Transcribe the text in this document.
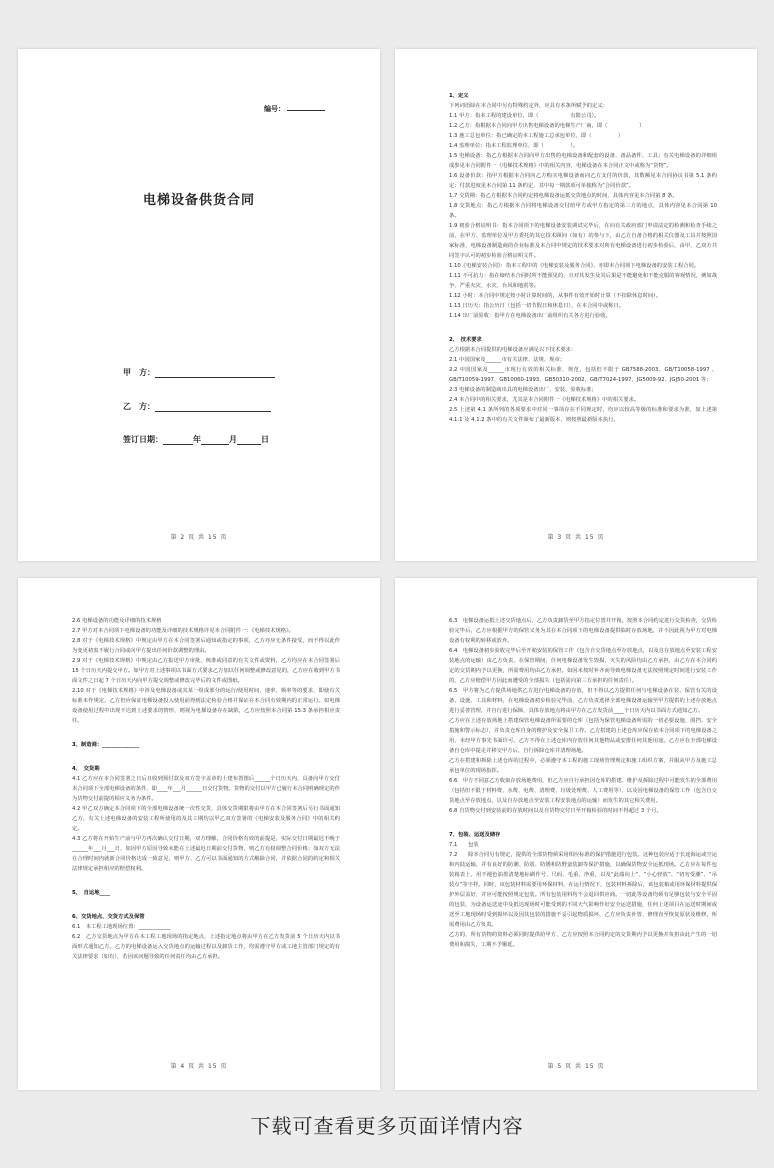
编号：
电梯设备供货合同
甲　方：
乙　方：
签订日期：	年	月	日
第 2 页 共 15 页

1、定义

下列词语除在本合同中另有特殊约定外，应具有本条所赋予的定义：

1.1 甲方：指本工程的建设单位，即（　　　　　　有限公司）。

1.2 乙方：指根据本合同向甲方出售电梯设备的电梯生产厂商，即（　　　　　　）

1.3 施工总包单位：指已确定的本工程施工总承包单位，即（　　　　　）

1.4 监理单位：指本工程监理单位，即（　　　　　）。

1.5 电梯设备：指乙方根据本合同向甲方出售的电梯设备和配套的设备、备品备件、工具；有关电梯设备的详细组成参见本合同附件一《电梯技术规格》中的相关内容，电梯设备在本合同正文中或称为“货物”。

1.6 设备价款：指甲方根据本合同向乙方购买电梯设备而向乙方支付的价款，其数额见本合同协议书第 5.1 条约定；付款进度见本合同第 11 条约定，其中每一期款项可单独称为“合同价款”。

1.7 交货期：指乙方根据本合同约定将电梯设备运抵交货地点的时间，具体内容见本合同第 8 条。

1.8 交货地点：指乙方根据本合同将电梯设备交付给甲方或甲方指定的第三方的地点，具体内容见本合同第 10 条。

1.9 初验合格证明书：指本合同项下的电梯设备安装调试完毕后，在向有关政府部门申请法定的检测和检查手续之前，在甲方、监理单位及甲方委托的其它技术顾问（如有）的参与下，由乙方自备合格的相关仪器及工具并按照国家标准、电梯设备制造商的企业标准及本合同中规定的技术要求对所有电梯设备进行初步检验后，由甲、乙双方共同签字认可的初步检验合格证明文件。

1.10《电梯安装合同》：指本工程中的《电梯安装及服务合同》，亦即本合同项下电梯设备的安装工程合同。

1.11 不可抗力：指在缔结本合同时所不能预见的，且对其发生及其后果是不能避免和不能克服的客观情况，例如战争、严重火灾、水灾、台风和地震等。

1.12 小时：本合同中规定按小时计算时间的，从事件有效开始时计算（不扣除休息时间）。

1.13 日历天：指公历日（包括一切节假日和休息日），在本合同中或称日。

1.14 出厂前验收：指甲方在电梯设备出厂前组织有关各方进行验收。

2、　技术要求

乙方根据本合同提供的电梯设备应满足以下技术要求：

2.1 中国国家及______市有关法律、法规、规章；

2.2 中国国家及______市现行有效的相关标准、规范，包括但不限于 GB7588-2003、GB/T10058-1997 、GB/T10059-1997、GB10060-1993、GB50310-2002、GB/T7024-1997、JG5009-92、JGJ50-2001 等；

2.3 电梯设备的制造商出具的电梯设备出厂、安装、验收标准；

2.4 本合同中的相关要求，尤其是本合同附件一《电梯技术规格》中的相关要求。

2.5 上述第 4.1 条所列的各项要求中对同一事项存在不同规定时，均应以较高等级的标准和要求为准，如上述第 4.1.1 及 4.1.2 条中的有关文件颁布了最新版本，则按照最新版本执行。

第 3 页 共 15 页

2.6 电梯设备的功能及详细的技术规格

2.7 甲方对本合同项下电梯设备的功能及详细的技术规格详见本合同附件一：《电梯技术规格》。

2.8 对于《电梯技术规格》中规定由甲方在本合同签署后通知或指定的事项，乙方亦应无条件接受，而不得以此作为变更初衷不履行合同或向甲方提出任何价款调整的理由。

2.9 对于《电梯技术规格》中规定由乙方报送甲方审批、核准或同意的有关文件或资料，乙方均应在本合同签署后 15 个日历天内提交甲方。如甲方对上述事项以书面方式要求乙方加以任何调整或修改意见的，乙方应在收到甲方书面文件之日起 7 个日历天内向甲方提交调整或修改完毕后的文件或图纸。

2.10 对于《电梯技术规格》中涉及电梯设备或其某一组成部分的运行/使用时间、速率、频率等的要求，即使有关标准未作规定，乙方仍应保证电梯设备投入使用前得到法定检验合格并保证在本合同有效期内的正常运行。如电梯设备使用过程中出现不达到上述要求的情形，则视为电梯设备存在缺陷，乙方应按照本合同第 15.3 条承担相应责任。

3、制造商：______________

4、　交货期

4.1 乙方应在本合同签署之日后且收到预付款及双方签字盖章的土建布置图后______个日历天内，具备向甲方交付本合同项下全部电梯设备的条件，即____年___月______日交付货物。货物的交付以甲方已履行本合同明确规定的作为货物交付前提的相应义务为条件。

4.2 甲乙双方确定本合同项下的全部电梯设备统一次性交货，具体交货期限将由甲方在本合同签署后另行书面通知乙方，有关上述电梯设备的安装工程所使用的及其工期均以甲乙双方签署的《电梯安装及服务合同》中的相关约定。

4.3 乙方将在开始生产前与甲方再次确认交付日期，双方理解，合同价格有效的前提是，实际交付日期最迟不晚于______年___月___日，如因甲方原因导致未能在上述最迟日期前交付货物，则乙方有权调整合同价格；如双方无法在合理时间内就新合同价格达成一致意见，则甲方、乙方可以书面通知的方式解除合同，并依据合同的约定和相关法律规定承担相应的赔偿权利。

5、　自运地____

6、交货地点、交货方式及保管

6.1　本工程工地现场位置：____________

6.2　乙方交货地点为甲方在本工程工地现场的指定地点，上述指定地点将由甲方在乙方发货前 5 个日历天内以书面形式通知乙方。乙方的电梯设备运入交货地点的运输过程以及卸货工作，均需遵守甲方或工地主管部门规定的有关法律要求（如有），若因该问题导致的任何责任均由乙方承担。

第 4 页 共 15 页

6.3　电梯设备运抵上述交货地点后，乙方负责卸货至甲方指定位置并开箱，按照本合同约定进行交货检查，交货检验完毕后，乙方应根据甲方的保管义务为其在本合同项下的电梯设备提供临时存放场地，并不因此视为甲方对电梯设备有权利的转移或放弃。

6.4　电梯设备初步验收完毕后至开箱安装的保管工作（包含自交货地点至存放地点，以及自存放地点至安装工程安装地点的运输）由乙方负责，在保管期间，任何电梯设备发生毁损，灭失的风险均由乙方承担，由乙方在本合同约定的交货期内予以更换，所需费用均由乙方承担。如因未按时补齐而导致电梯设备无法按照规定时间进行安装工作的，乙方应赔偿甲方因此而遭受的全部损失（包括需向第三方承担的任何责任）。

6.5　甲方将为乙方提供场地供乙方进行电梯设备的存放，但不得以乙方提供任何与电梯设备在装、保管有关的设备、设施、工具和材料，在电梯设备初步检验完毕前，乙方负责选择全部电梯设备运输至甲方提供的上述存放地点进行妥善管理，并自行进行保障，具体存放地点将由甲方在乙方发货前____个日历天内以书面方式通知乙方。

乙方应在上述存放场地上搭建保管电梯设备所需要的仓库（包括为保管电梯设备所需的一切必要设施、围挡、安全措施和警示标志），并负责仓库自身的维护及安全保卫工作。乙方搭建的上述仓库应保存依本合同项下的电梯设备之用，未经甲方事先书面许可，乙方不得在上述仓库内存放任何其他物品或安排任何其他用途。乙方应在全部电梯设备自仓库中提走并移交甲方后，自行拆除仓库并清理场地。

乙方在搭建和拆除上述仓库的过程中，必须遵守本工程的施工现场管理规定和施工组织方案，并服从甲方及施工总承包单位的现场指挥。

6.6　甲方不同意乙方收取存放场地费用，但乙方应自行承担因仓库的搭建、维护及拆除过程中可能发生的全部费用（包括但不限于材料费、水费、电费、清理费、垃圾处理费、人工费用等），以及因电梯设备的保管工作（包含自交货地点至存放地点，以及自存放地点至安装工程安装地点的运输）而发生的其它相关费用。

6.8 自货物交付到安装前的存放时间以及自货物交付日至开箱检验的时间不得超过 3 个月。

7、包装、运送及储存

7.1　　包装

7.2　　除本合同另有规定，提供的全部货物须采用相应标准的保护措施进行包装。这种包装应适于长途海运或空运和内陆运输，并有良好的防潮、防震、防锈和防野蛮装卸等保护措施，以确保货物安全运抵现场。乙方应在每件包装箱表上，用不褪色油墨清楚地标刷作号、尺码、毛重、净重，以及“此端向上”、“小心轻放”、“切勿受潮”、“吊装点”等字样。同时，该包装材料需要用环保材料，在运行情况下，包装材料拆除后，该包装箱或用环保材料提供保护外层盖好，并应可能按照规定包装。所有包装用料均不会退回供应商。一切此等设备均须有足够包装与安全平固的包装，为设备运送途中及抵达现场时可能受到的不同天气影响作好安全运送措施，任何上述项目在运送时期间或送至工地现场时受到损坏以及因其包装的措施不妥引起物质损坏，乙方应负责补置、修理直至恢复原状及维修，所需费用由乙方负责。

乙方的，所有货物的资料必须同时提供给甲方，乙方应按照本合同约定的交货期内予以更换并负担由此产生的一切费用和损失，工期不予顺延。

第 5 页 共 15 页
下载可查看更多页面详情内容
